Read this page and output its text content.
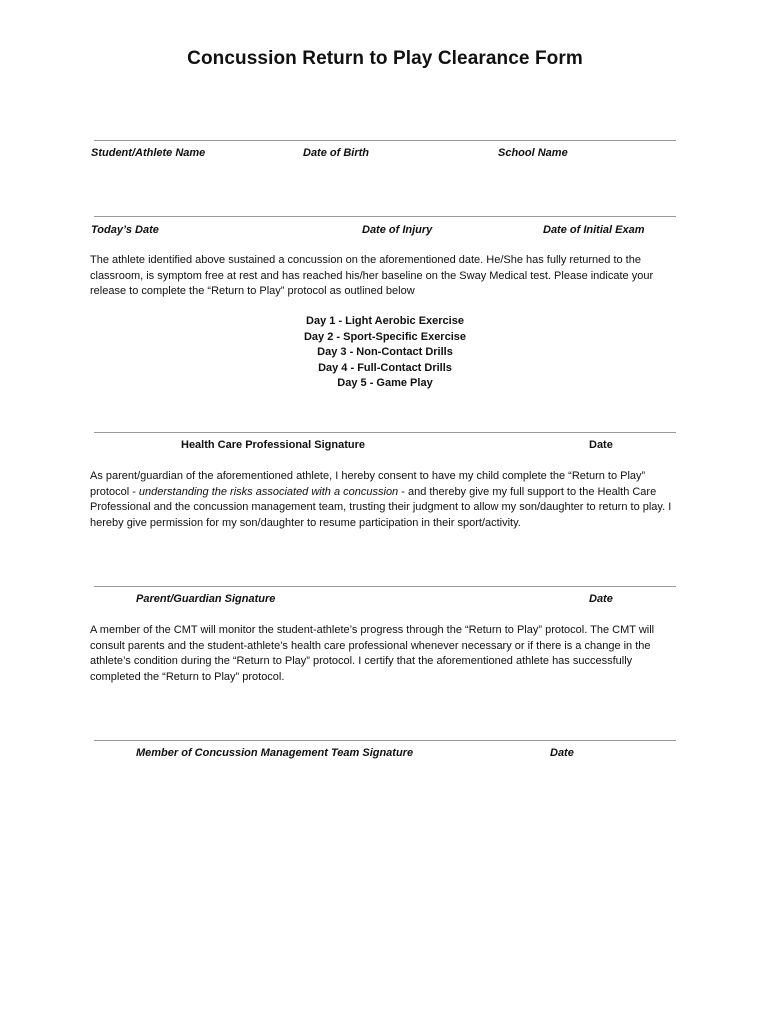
Concussion Return to Play Clearance Form
Student/Athlete Name	Date of Birth	School Name
Today’s Date	Date of Injury	Date of Initial Exam

The athlete identified above sustained a concussion on the aforementioned date. He/She has fully returned to the classroom, is symptom free at rest and has reached his/her baseline on the Sway Medical test. Please indicate your release to complete the “Return to Play” protocol as outlined below

Day 1 - Light Aerobic Exercise
Day 2 - Sport-Specific Exercise
Day 3 - Non-Contact Drills
Day 4 - Full-Contact Drills
Day 5 - Game Play
Health Care Professional Signature	Date

As parent/guardian of the aforementioned athlete, I hereby consent to have my child complete the “Return to Play” protocol - understanding the risks associated with a concussion - and thereby give my full support to the Health Care Professional and the concussion management team, trusting their judgment to allow my son/daughter to return to play. I hereby give permission for my son/daughter to resume participation in their sport/activity.

Parent/Guardian Signature	Date

A member of the CMT will monitor the student-athlete’s progress through the “Return to Play” protocol. The CMT will consult parents and the student-athlete’s health care professional whenever necessary or if there is a change in the athlete’s condition during the “Return to Play” protocol. I certify that the aforementioned athlete has successfully completed the “Return to Play” protocol.

Member of Concussion Management Team Signature	Date
